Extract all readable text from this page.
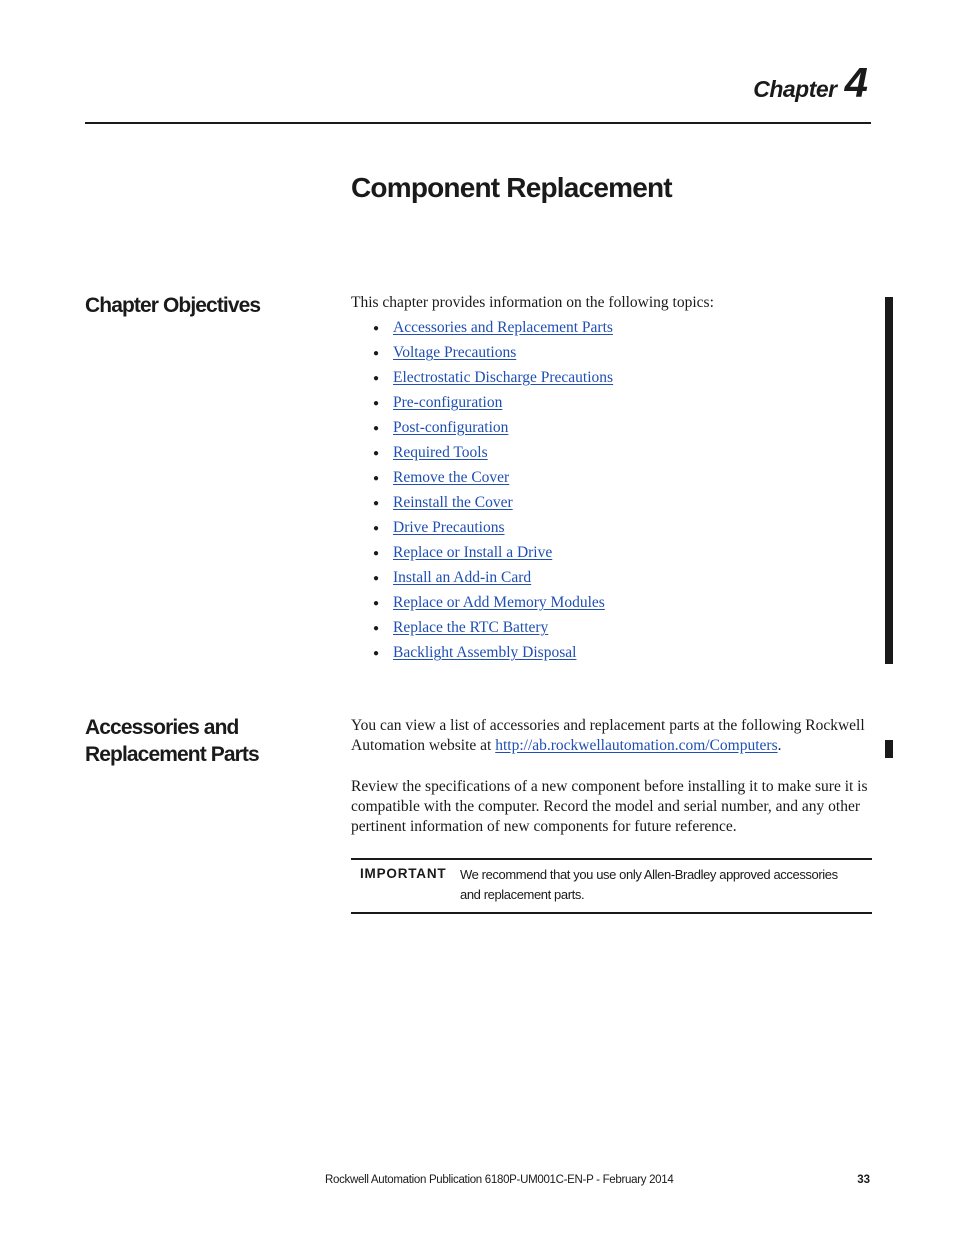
Chapter 4
Component Replacement
Chapter Objectives	This chapter provides information on the following topics:

● Accessories and Replacement Parts
● Voltage Precautions
● Electrostatic Discharge Precautions
● Pre-configuration
● Post-configuration
● Required Tools
● Remove the Cover
● Reinstall the Cover
● Drive Precautions
● Replace or Install a Drive
● Install an Add-in Card
● Replace or Add Memory Modules
● Replace the RTC Battery
● Backlight Assembly Disposal
Accessories and Replacement Parts

You can view a list of accessories and replacement parts at the following Rockwell Automation website at http://ab.rockwellautomation.com/Computers.

Review the specifications of a new component before installing it to make sure it is compatible with the computer. Record the model and serial number, and any other pertinent information of new components for future reference.

IMPORTANT We recommend that you use only Allen-Bradley approved accessories and replacement parts.
Rockwell Automation Publication 6180P-UM001C-EN-P - February 2014	33
